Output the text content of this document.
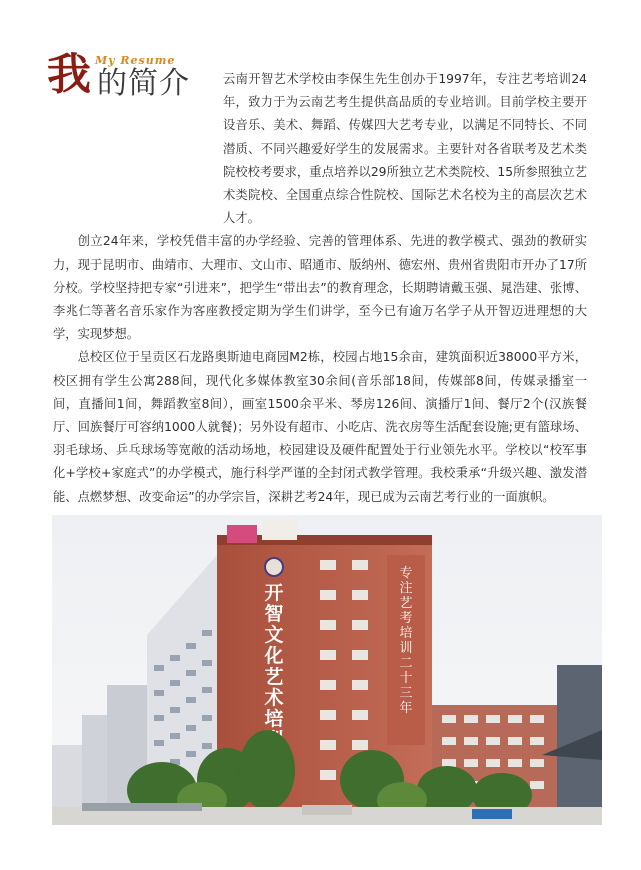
我 My Resume
的简介	云南开智艺术学校由李保生先生创办于1997年，专注艺考培训24年，致力于为云南艺考生提供高品质的专业培训。目前学校主要开设音乐、美术、舞蹈、传媒四大艺考专业，以满足不同特长、不同潜质、不同兴趣爱好学生的发展需求。主要针对各省联考及艺术类院校校考要求，重点培养以29所独立艺术类院校、15所参照独立艺术类院校、全国重点综合性院校、国际艺术名校为主的高层次艺术人才。

创立24年来，学校凭借丰富的办学经验、完善的管理体系、先进的教学模式、强劲的教研实力，现于昆明市、曲靖市、大理市、文山市、昭通市、版纳州、德宏州、贵州省贵阳市开办了17所分校。学校坚持把专家“引进来”，把学生“带出去”的教育理念，长期聘请戴玉强、晁浩建、张博、李兆仁等著名音乐家作为客座教授定期为学生们讲学，至今已有逾万名学子从开智迈进理想的大学，实现梦想。

总校区位于呈贡区石龙路奥斯迪电商园M2栋，校园占地15余亩，建筑面积近38000平方米，校区拥有学生公寓288间，现代化多媒体教室30余间(音乐部18间，传媒部8间，传媒录播室一间，直播间1间，舞蹈教室8间），画室1500余平米、琴房126间、演播厅1间、餐厅2个(汉族餐厅、回族餐厅可容纳1000人就餐)；另外设有超市、小吃店、洗衣房等生活配套设施;更有篮球场、羽毛球场、乒乓球场等宽敞的活动场地，校园建设及硬件配置处于行业领先水平。学校以“校军事化+学校+家庭式”的办学模式，施行科学严谨的全封闭式教学管理。我校秉承“升级兴趣、激发潜能、点燃梦想、改变命运”的办学宗旨，深耕艺考24年，现已成为云南艺考行业的一面旗帜。

开智文化艺术培
专注艺考培训二十三年
